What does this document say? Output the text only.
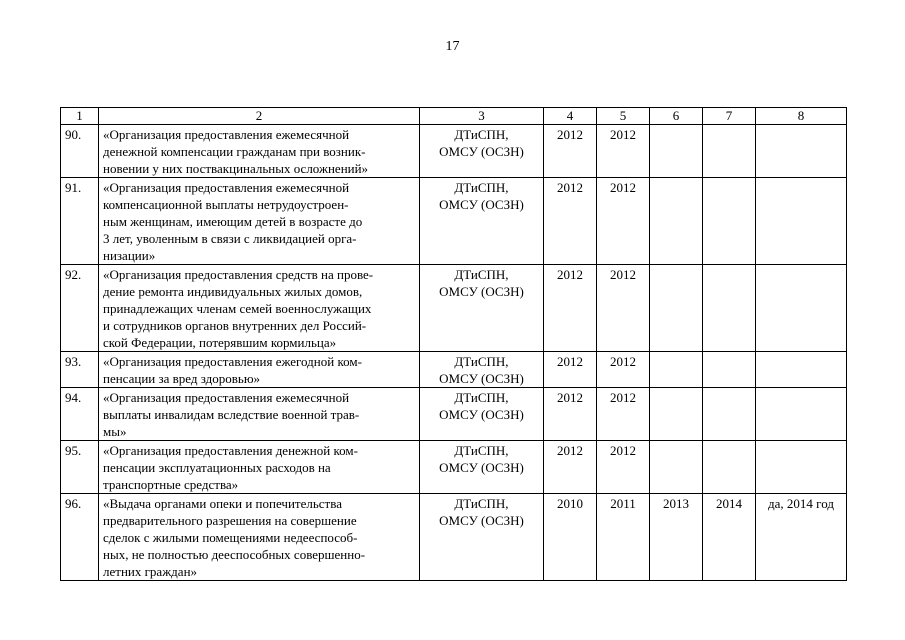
17
1	2	3	4	5	6	7	8
90.	«Организация предоставления ежемесячной
денежной компенсации гражданам при возник-
новении у них поствакцинальных осложнений»	ДТиСПН,
ОМСУ (ОСЗН)	2012	2012			
91.	«Организация предоставления ежемесячной
компенсационной выплаты нетрудоустроен-
ным женщинам, имеющим детей в возрасте до
3 лет, уволенным в связи с ликвидацией орга-
низации»	ДТиСПН,
ОМСУ (ОСЗН)	2012	2012			
92.	«Организация предоставления средств на прове-
дение ремонта индивидуальных жилых домов,
принадлежащих членам семей военнослужащих
и сотрудников органов внутренних дел Россий-
ской Федерации, потерявшим кормильца»	ДТиСПН,
ОМСУ (ОСЗН)	2012	2012			
93.	«Организация предоставления ежегодной ком-
пенсации за вред здоровью»	ДТиСПН,
ОМСУ (ОСЗН)	2012	2012			
94.	«Организация предоставления ежемесячной
выплаты инвалидам вследствие военной трав-
мы»	ДТиСПН,
ОМСУ (ОСЗН)	2012	2012			
95.	«Организация предоставления денежной ком-
пенсации эксплуатационных расходов на
транспортные средства»	ДТиСПН,
ОМСУ (ОСЗН)	2012	2012			
96.	«Выдача органами опеки и попечительства
предварительного разрешения на совершение
сделок с жилыми помещениями недееспособ-
ных, не полностью дееспособных совершенно-
летних граждан»	ДТиСПН,
ОМСУ (ОСЗН)	2010	2011	2013	2014	да, 2014 год
